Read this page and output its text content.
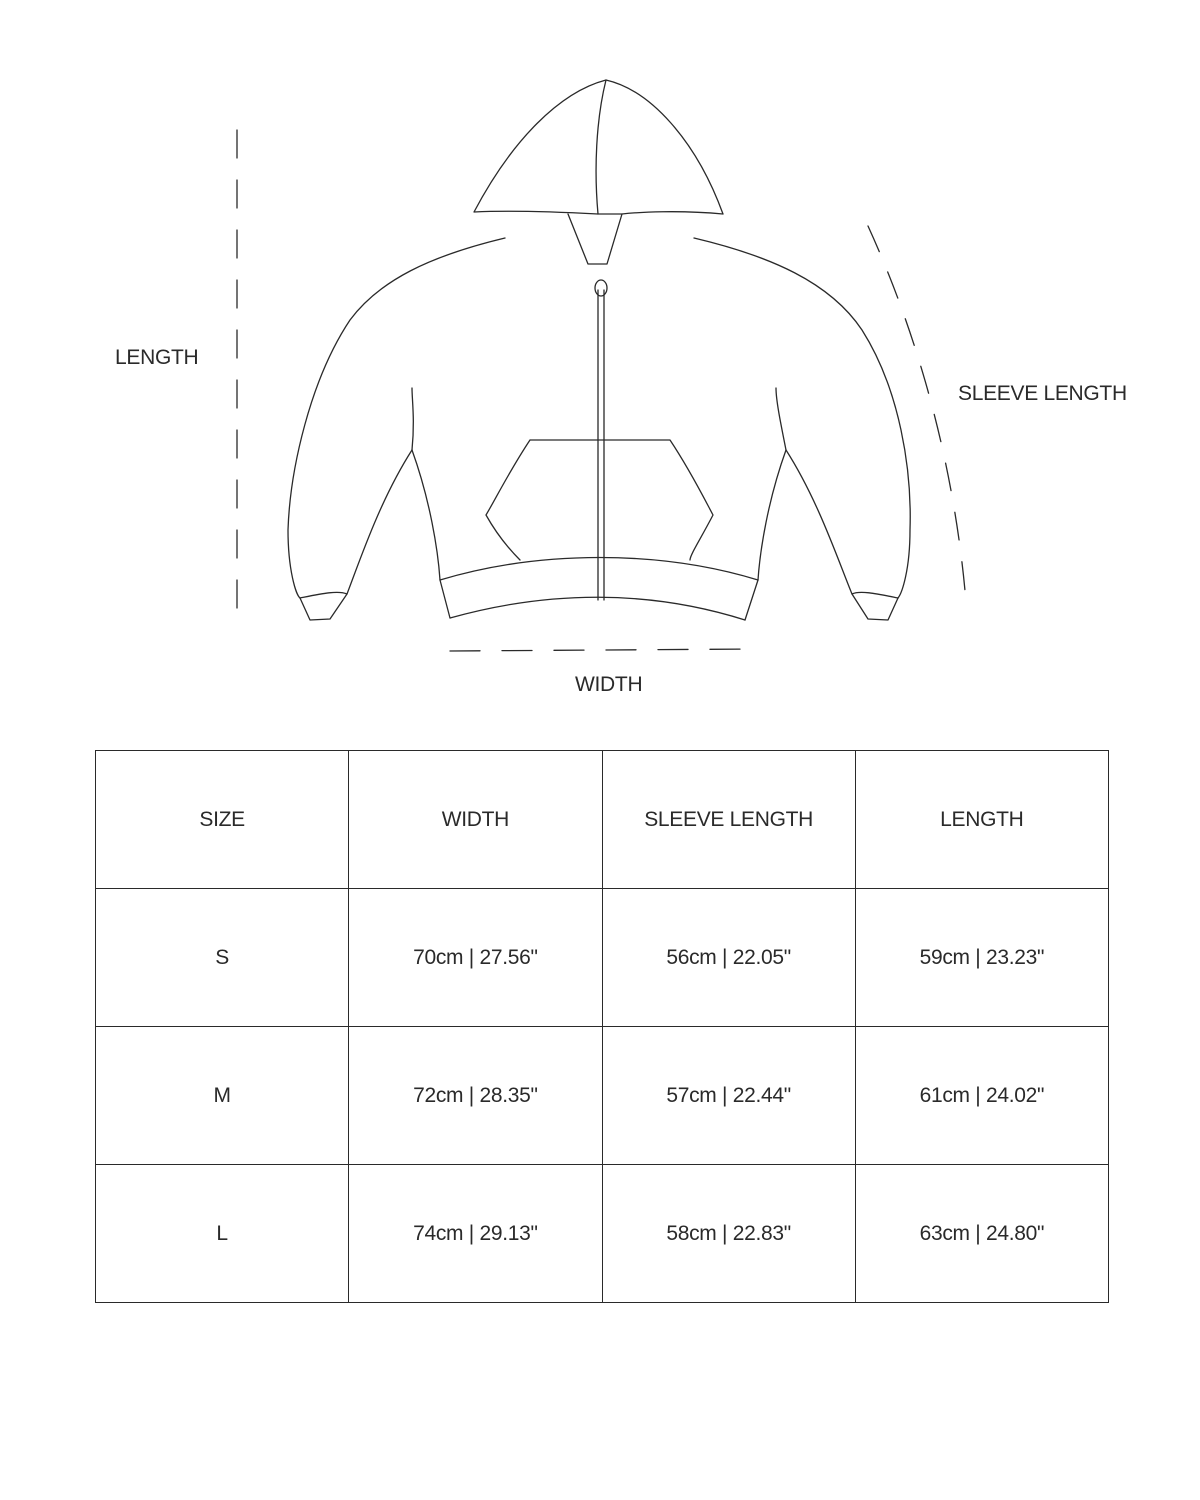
LENGTH
SLEEVE LENGTH
WIDTH
SIZE	WIDTH	SLEEVE LENGTH	LENGTH
S	70cm | 27.56"	56cm | 22.05"	59cm | 23.23"
M	72cm | 28.35"	57cm | 22.44"	61cm | 24.02"
L	74cm | 29.13"	58cm | 22.83"	63cm | 24.80"
